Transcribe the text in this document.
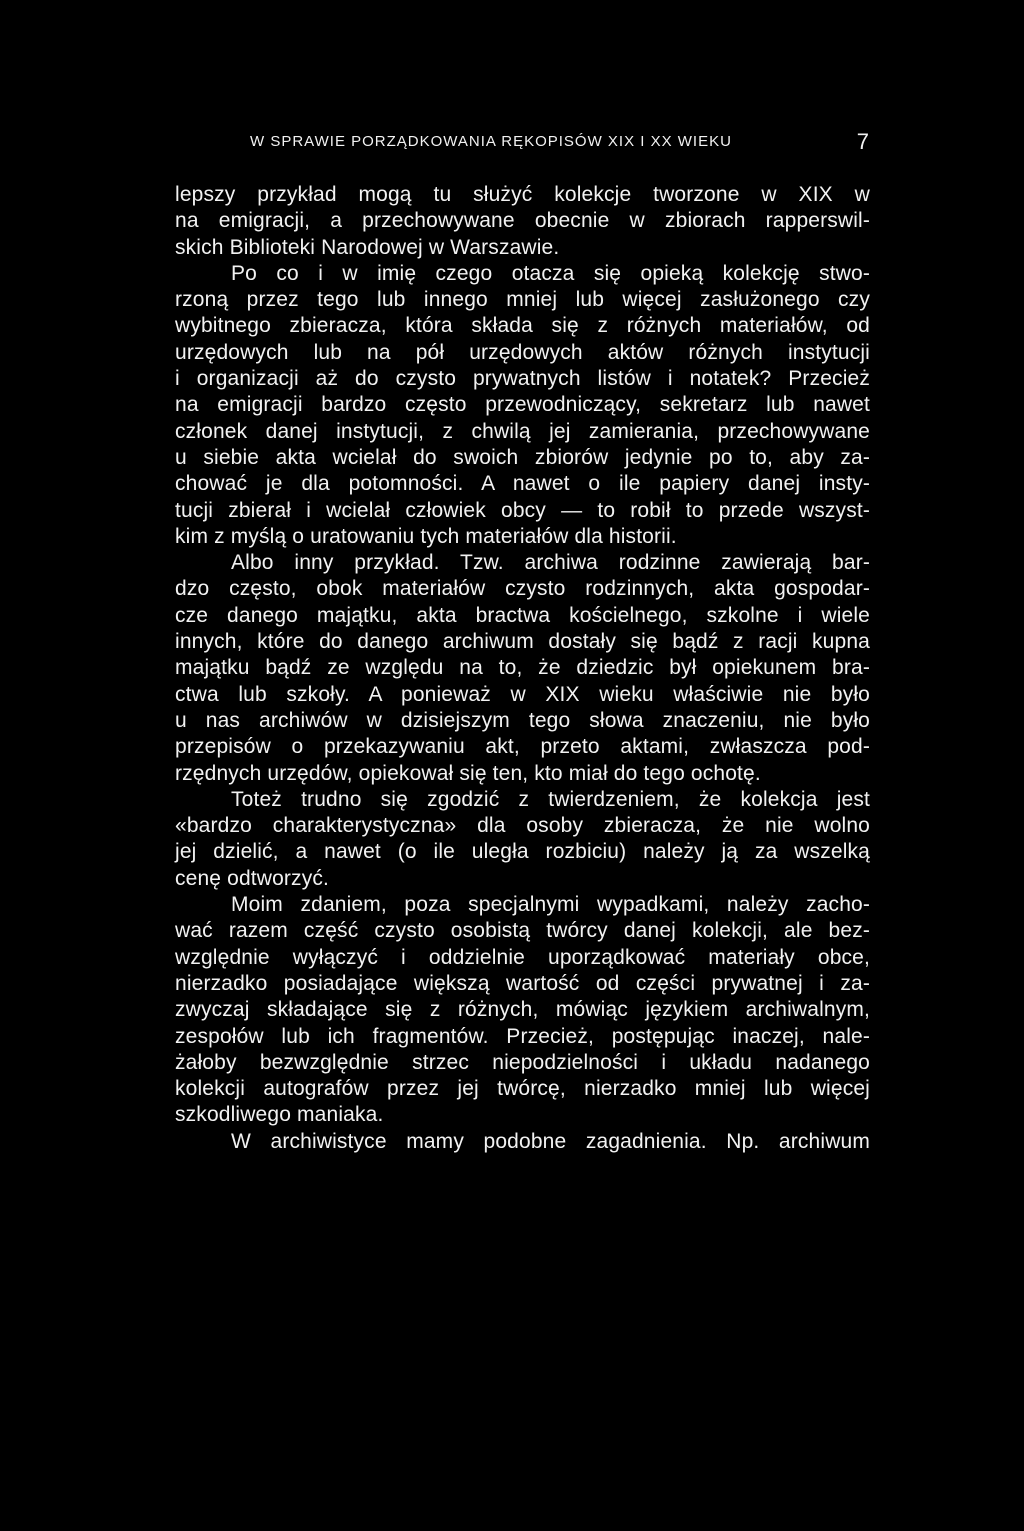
W SPRAWIE PORZĄDKOWANIA RĘKOPISÓW XIX I XX WIEKU	7
lepszy przykład mogą tu służyć kolekcje tworzone w XIX w
na emigracji, a przechowywane obecnie w zbiorach rapperswil-
skich Biblioteki Narodowej w Warszawie.
Po co i w imię czego otacza się opieką kolekcję stwo-
rzoną przez tego lub innego mniej lub więcej zasłużonego czy
wybitnego zbieracza, która składa się z różnych materiałów, od
urzędowych lub na pół urzędowych aktów różnych instytucji
i organizacji aż do czysto prywatnych listów i notatek? Przecież
na emigracji bardzo często przewodniczący, sekretarz lub nawet
członek danej instytucji, z chwilą jej zamierania, przechowywane
u siebie akta wcielał do swoich zbiorów jedynie po to, aby za-
chować je dla potomności. A nawet o ile papiery danej insty-
tucji zbierał i wcielał człowiek obcy — to robił to przede wszyst-
kim z myślą o uratowaniu tych materiałów dla historii.
Albo inny przykład. Tzw. archiwa rodzinne zawierają bar-
dzo często, obok materiałów czysto rodzinnych, akta gospodar-
cze danego majątku, akta bractwa kościelnego, szkolne i wiele
innych, które do danego archiwum dostały się bądź z racji kupna
majątku bądź ze względu na to, że dziedzic był opiekunem bra-
ctwa lub szkoły. A ponieważ w XIX wieku właściwie nie było
u nas archiwów w dzisiejszym tego słowa znaczeniu, nie było
przepisów o przekazywaniu akt, przeto aktami, zwłaszcza pod-
rzędnych urzędów, opiekował się ten, kto miał do tego ochotę.
Toteż trudno się zgodzić z twierdzeniem, że kolekcja jest
«bardzo charakterystyczna» dla osoby zbieracza, że nie wolno
jej dzielić, a nawet (o ile uległa rozbiciu) należy ją za wszelką
cenę odtworzyć.
Moim zdaniem, poza specjalnymi wypadkami, należy zacho-
wać razem część czysto osobistą twórcy danej kolekcji, ale bez-
względnie wyłączyć i oddzielnie uporządkować materiały obce,
nierzadko posiadające większą wartość od części prywatnej i za-
zwyczaj składające się z różnych, mówiąc językiem archiwalnym,
zespołów lub ich fragmentów. Przecież, postępując inaczej, nale-
żałoby bezwzględnie strzec niepodzielności i układu nadanego
kolekcji autografów przez jej twórcę, nierzadko mniej lub więcej
szkodliwego maniaka.
W archiwistyce mamy podobne zagadnienia. Np. archiwum
